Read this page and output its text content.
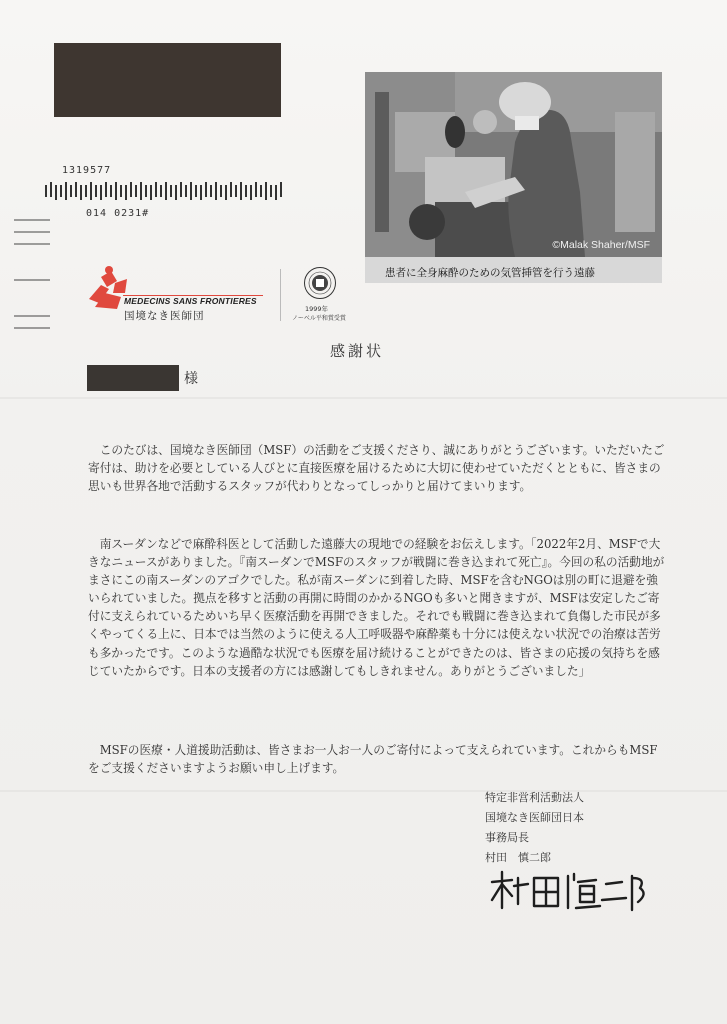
1319577
014 0231#
MEDECINS SANS FRONTIERES
国境なき医師団
1999年
ノーベル平和賞受賞
©Malak Shaher/MSF
患者に全身麻酔のための気管挿管を行う遠藤
感謝状
様

このたびは、国境なき医師団（MSF）の活動をご支援くださり、誠にありがとうございます。いただいたご寄付は、助けを必要としている人びとに直接医療を届けるために大切に使わせていただくとともに、皆さまの思いも世界各地で活動するスタッフが代わりとなってしっかりと届けてまいります。

南スーダンなどで麻酔科医として活動した遠藤大の現地での経験をお伝えします。「2022年2月、MSFで大きなニュースがありました。『南スーダンでMSFのスタッフが戦闘に巻き込まれて死亡』。今回の私の活動地がまさにこの南スーダンのアゴクでした。私が南スーダンに到着した時、MSFを含むNGOは別の町に退避を強いられていました。拠点を移すと活動の再開に時間のかかるNGOも多いと聞きますが、MSFは安定したご寄付に支えられているためいち早く医療活動を再開できました。それでも戦闘に巻き込まれて負傷した市民が多くやってくる上に、日本では当然のように使える人工呼吸器や麻酔薬も十分には使えない状況での治療は苦労も多かったです。このような過酷な状況でも医療を届け続けることができたのは、皆さまの応援の気持ちを感じていたからです。日本の支援者の方には感謝してもしきれません。ありがとうございました」

MSFの医療・人道援助活動は、皆さまお一人お一人のご寄付によって支えられています。これからもMSFをご支援くださいますようお願い申し上げます。

特定非営利活動法人
国境なき医師団日本
事務局長
村田　慎二郎
